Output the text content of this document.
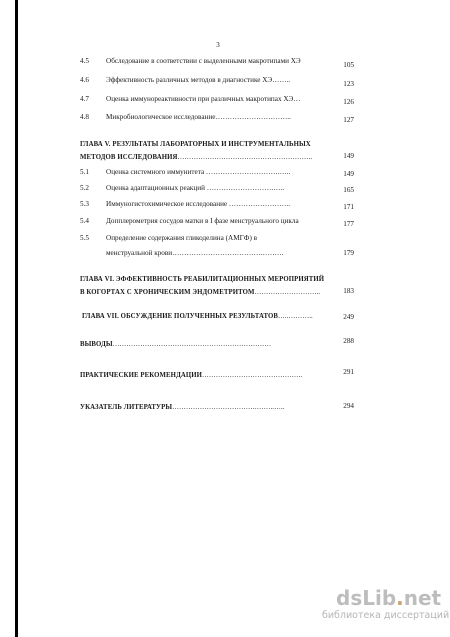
3
4.5 Обследование в соответствии с выделенными макротипами ХЭ	105
4.6 Эффективность различных методов в диагностике ХЭ……..	123
4.7 Оценка иммунореактивности при различных макротипах ХЭ…	126
4.8 Микробиологическое исследование…………………………..	127
ГЛАВА V. РЕЗУЛЬТАТЫ ЛАБОРАТОРНЫХ И ИНСТРУМЕНТАЛЬНЫХ
МЕТОДОВ ИССЛЕДОВАНИЯ…………………………………………………..	149
5.1 Оценка системного иммунитета ………………………….…..	149
5.2 Оценка адаптационных реакций ……………………….…..	165
5.3 Иммуногистохимическое исследование ……………………..	171
5.4 Допплерометрия сосудов матки в I фазе менструального цикла	177
5.5 Определение содержания гликоделина (АМГФ) в
менструальной крови……………………………….……….	179
ГЛАВА VI. ЭФФЕКТИВНОСТЬ РЕАБИЛИТАЦИОННЫХ МЕРОПРИЯТИЙ
В КОГОРТАХ С ХРОНИЧЕСКИМ ЭНДОМЕТРИТОМ………………………..	183
ГЛАВА VII. ОБСУЖДЕНИЕ ПОЛУЧЕННЫХ РЕЗУЛЬТАТОВ…..………..	249
ВЫВОДЫ……………………………………………………………	288
ПРАКТИЧЕСКИЕ РЕКОМЕНДАЦИИ……………………………………..	291
УКАЗАТЕЛЬ ЛИТЕРАТУРЫ……………………………….……..…..	294
dsLib.net
библиотека диссертаций
